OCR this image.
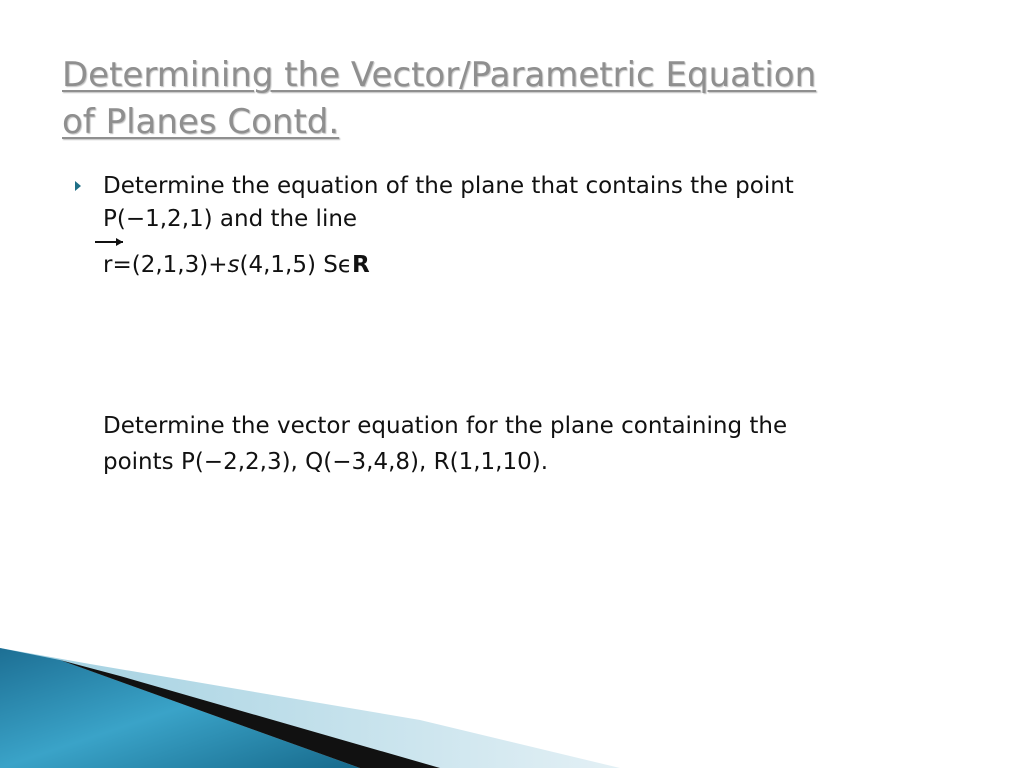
Determining the Vector/Parametric Equation
of Planes Contd.
Determine the equation of the plane that contains the point
P(−1,2,1) and the line
r=(2,1,3)+s(4,1,5) SϵR
Determine the vector equation for the plane containing the
points P(−2,2,3), Q(−3,4,8), R(1,1,10).
